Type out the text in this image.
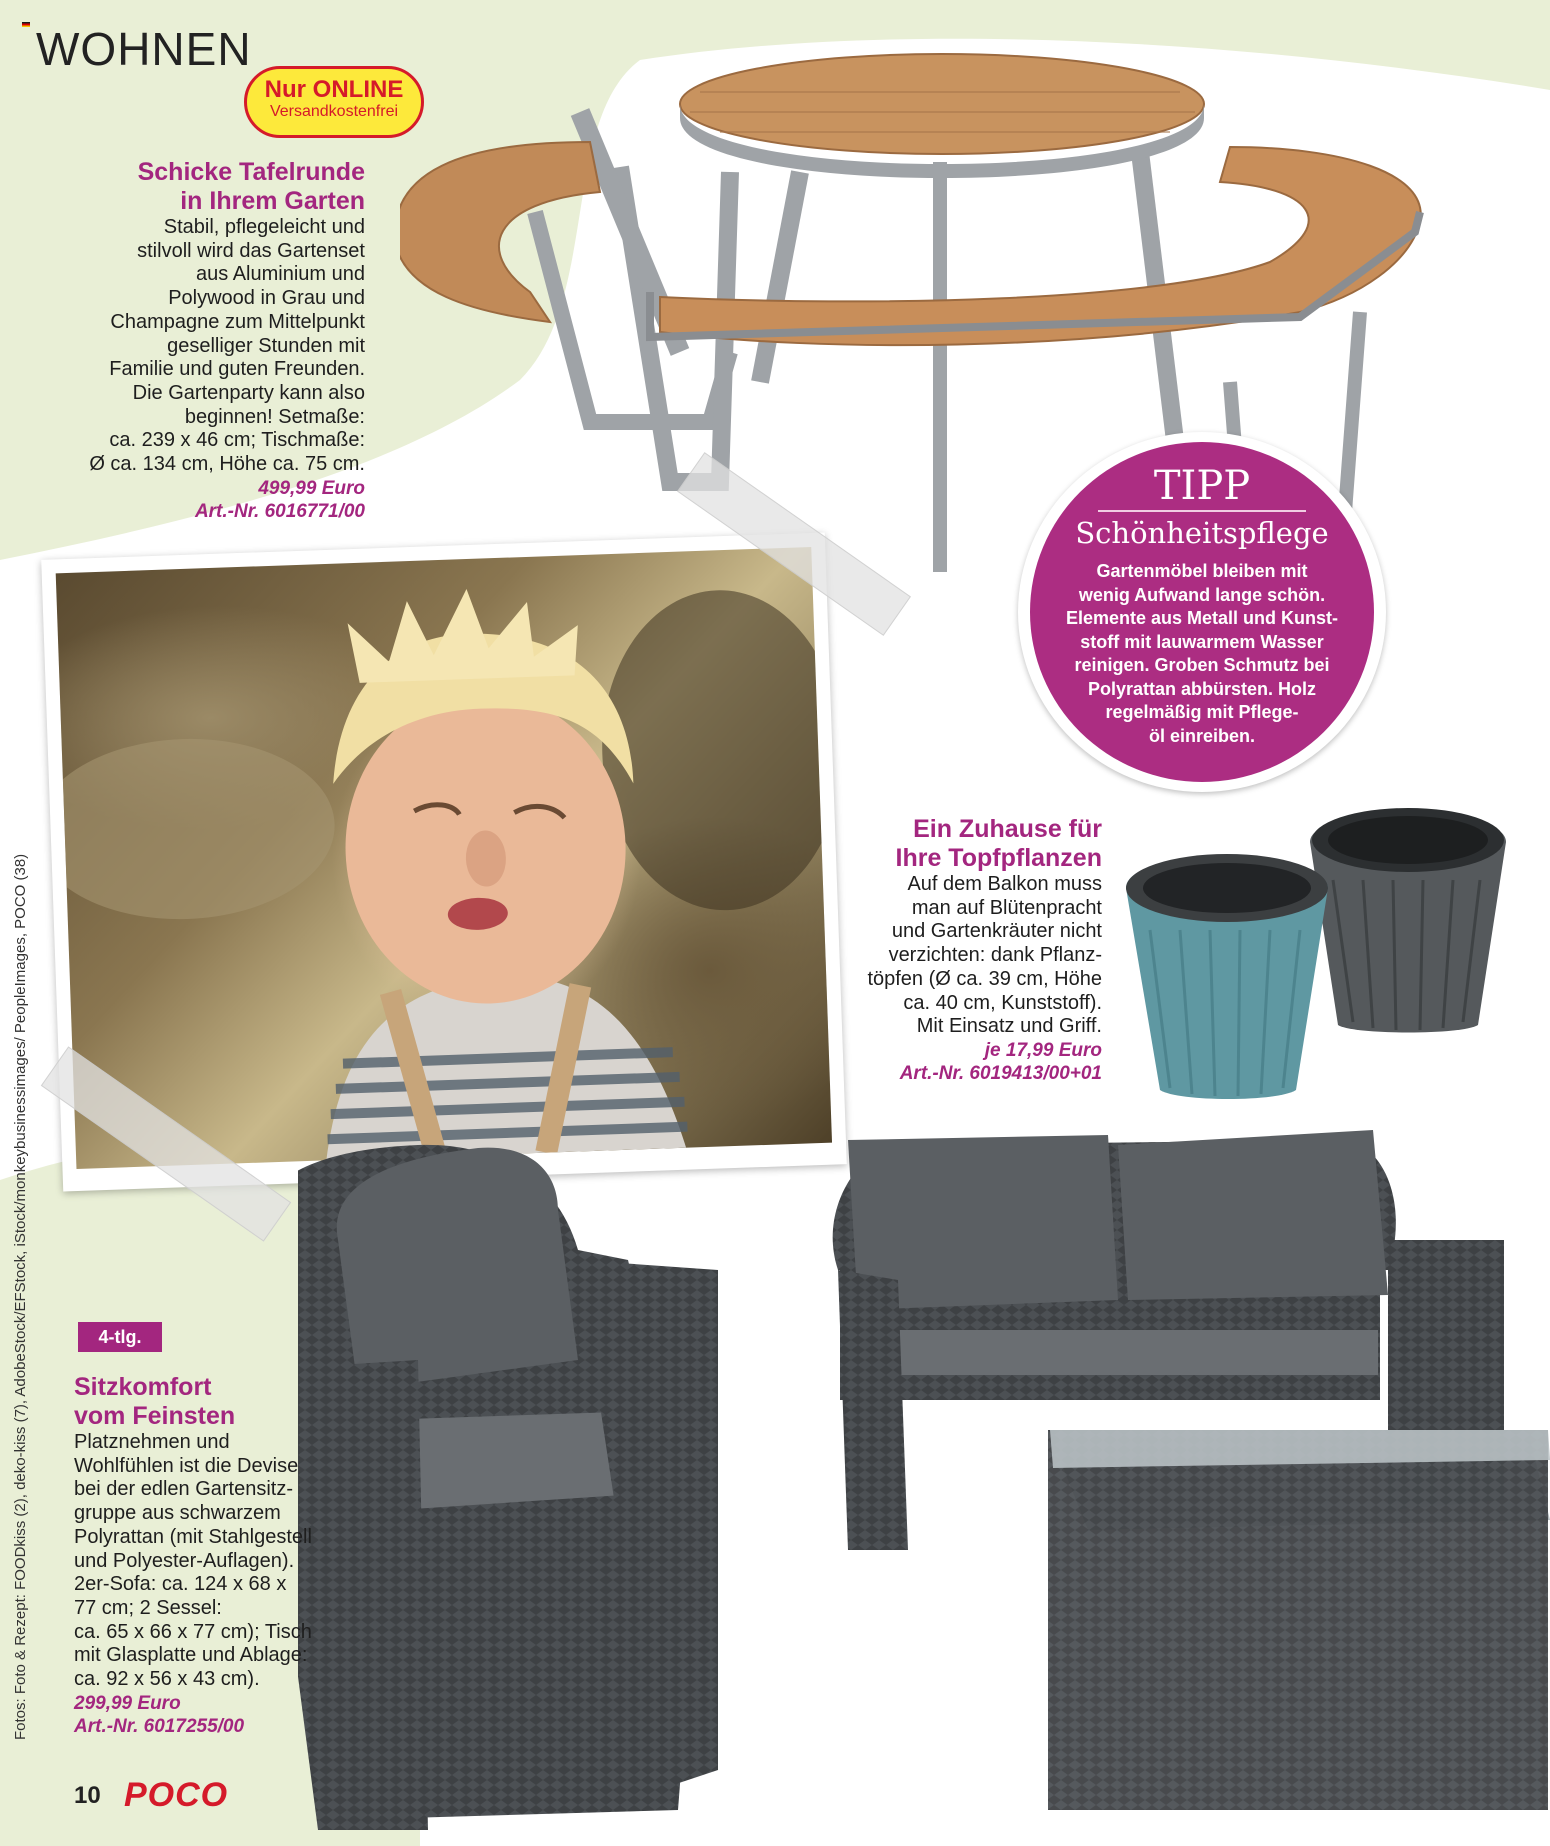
WOHNEN
Nur ONLINE
Versandkostenfrei
Schicke Tafelrunde
in Ihrem Garten
Stabil, pflegeleicht und
stilvoll wird das Gartenset
aus Aluminium und
Polywood in Grau und
Champagne zum Mittelpunkt
geselliger Stunden mit
Familie und guten Freunden.
Die Gartenparty kann also
beginnen! Setmaße:
ca. 239 x 46 cm; Tischmaße:
Ø ca. 134 cm, Höhe ca. 75 cm.
499,99 Euro
Art.-Nr. 6016771/00
TIPP
Schönheitspflege
Gartenmöbel bleiben mit
wenig Aufwand lange schön.
Elemente aus Metall und Kunst-
stoff mit lauwarmem Wasser
reinigen. Groben Schmutz bei
Polyrattan abbürsten. Holz
regelmäßig mit Pflege-
öl einreiben.
Ein Zuhause für
Ihre Topfpflanzen
Auf dem Balkon muss
man auf Blütenpracht
und Gartenkräuter nicht
verzichten: dank Pflanz-
töpfen (Ø ca. 39 cm, Höhe
ca. 40 cm, Kunststoff).
Mit Einsatz und Griff.
je 17,99 Euro
Art.-Nr. 6019413/00+01
4-tlg.
Sitzkomfort
vom Feinsten
Platznehmen und
Wohlfühlen ist die Devise
bei der edlen Gartensitz-
gruppe aus schwarzem
Polyrattan (mit Stahlgestell
und Polyester-Auflagen).
2er-Sofa: ca. 124 x 68 x
77 cm; 2 Sessel:
ca. 65 x 66 x 77 cm); Tisch
mit Glasplatte und Ablage:
ca. 92 x 56 x 43 cm).
299,99 Euro
Art.-Nr. 6017255/00
Fotos: Foto & Rezept: FOODkiss (2), deko-kiss (7), AdobeStock/EFStock, iStock/monkeybusinessimages/ PeopleImages, POCO (38)
10 POCO
